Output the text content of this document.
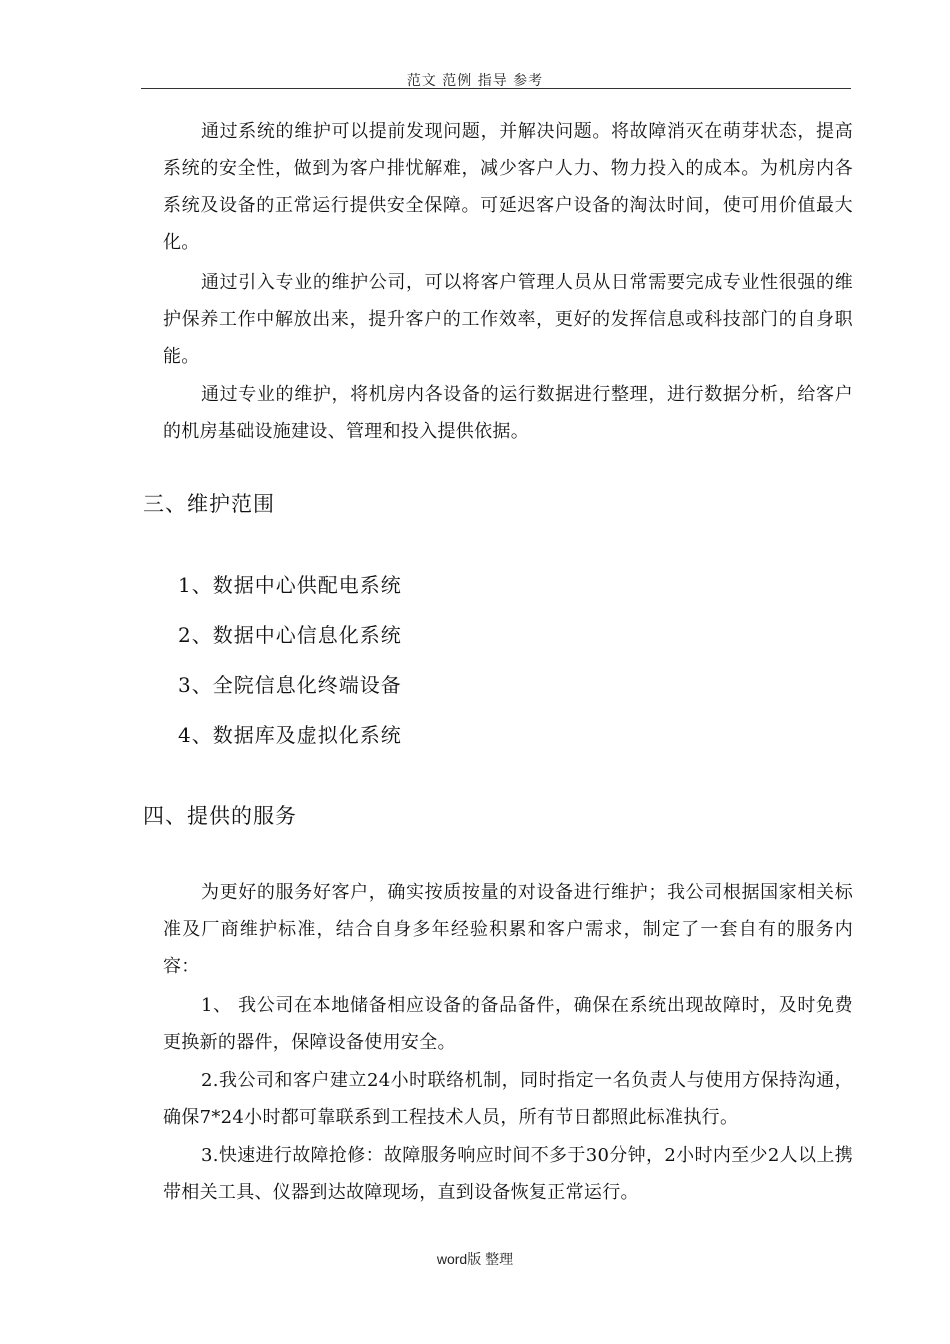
范文 范例 指导 参考

通过系统的维护可以提前发现问题，并解决问题。将故障消灭在萌芽状态，提高系统的安全性，做到为客户排忧解难，减少客户人力、物力投入的成本。为机房内各系统及设备的正常运行提供安全保障。可延迟客户设备的淘汰时间，使可用价值最大化。

通过引入专业的维护公司，可以将客户管理人员从日常需要完成专业性很强的维护保养工作中解放出来，提升客户的工作效率，更好的发挥信息或科技部门的自身职能。

通过专业的维护，将机房内各设备的运行数据进行整理，进行数据分析，给客户的机房基础设施建设、管理和投入提供依据。

三、维护范围

1、数据中心供配电系统

2、数据中心信息化系统

3、全院信息化终端设备

4、数据库及虚拟化系统

四、提供的服务

为更好的服务好客户，确实按质按量的对设备进行维护；我公司根据国家相关标准及厂商维护标准，结合自身多年经验积累和客户需求，制定了一套自有的服务内容：

1、 我公司在本地储备相应设备的备品备件，确保在系统出现故障时，及时免费更换新的器件，保障设备使用安全。

2.我公司和客户建立24小时联络机制，同时指定一名负责人与使用方保持沟通，确保7*24小时都可靠联系到工程技术人员，所有节日都照此标准执行。

3.快速进行故障抢修：故障服务响应时间不多于30分钟，2小时内至少2人以上携带相关工具、仪器到达故障现场，直到设备恢复正常运行。

word版 整理
